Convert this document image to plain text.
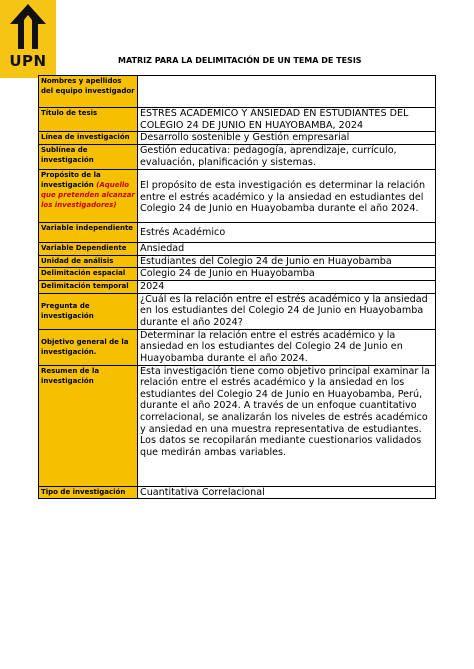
UPN	MATRIZ PARA LA DELIMITACIÓN DE UN TEMA DE TESIS
Nombres y apellidos del equipo investigador	
Título de tesis	ESTRÉS ACADÉMICO Y ANSIEDAD EN ESTUDIANTES DEL COLEGIO 24 DE JUNIO EN HUAYOBAMBA, 2024
Línea de investigación	Desarrollo sostenible y Gestión empresarial
Sublínea de investigación	Gestión educativa: pedagogía, aprendizaje, currículo, evaluación, planificación y sistemas.
Propósito de la investigación (Aquello que pretenden alcanzar los investigadores)	El propósito de esta investigación es determinar la relación entre el estrés académico y la ansiedad en estudiantes del Colegio 24 de Junio en Huayobamba durante el año 2024.
Variable independiente	Estrés Académico
Variable Dependiente	Ansiedad
Unidad de análisis	Estudiantes del Colegio 24 de Junio en Huayobamba
Delimitación espacial	Colegio 24 de Junio en Huayobamba
Delimitación temporal	2024
Pregunta de investigación	¿Cuál es la relación entre el estrés académico y la ansiedad en los estudiantes del Colegio 24 de Junio en Huayobamba durante el año 2024?
Objetivo general de la investigación.	Determinar la relación entre el estrés académico y la ansiedad en los estudiantes del Colegio 24 de Junio en Huayobamba durante el año 2024.
Resumen de la investigación	Esta investigación tiene como objetivo principal examinar la relación entre el estrés académico y la ansiedad en los estudiantes del Colegio 24 de Junio en Huayobamba, Perú, durante el año 2024. A través de un enfoque cuantitativo correlacional, se analizarán los niveles de estrés académico y ansiedad en una muestra representativa de estudiantes. Los datos se recopilarán mediante cuestionarios validados que medirán ambas variables.
Tipo de investigación	Cuantitativa Correlacional
